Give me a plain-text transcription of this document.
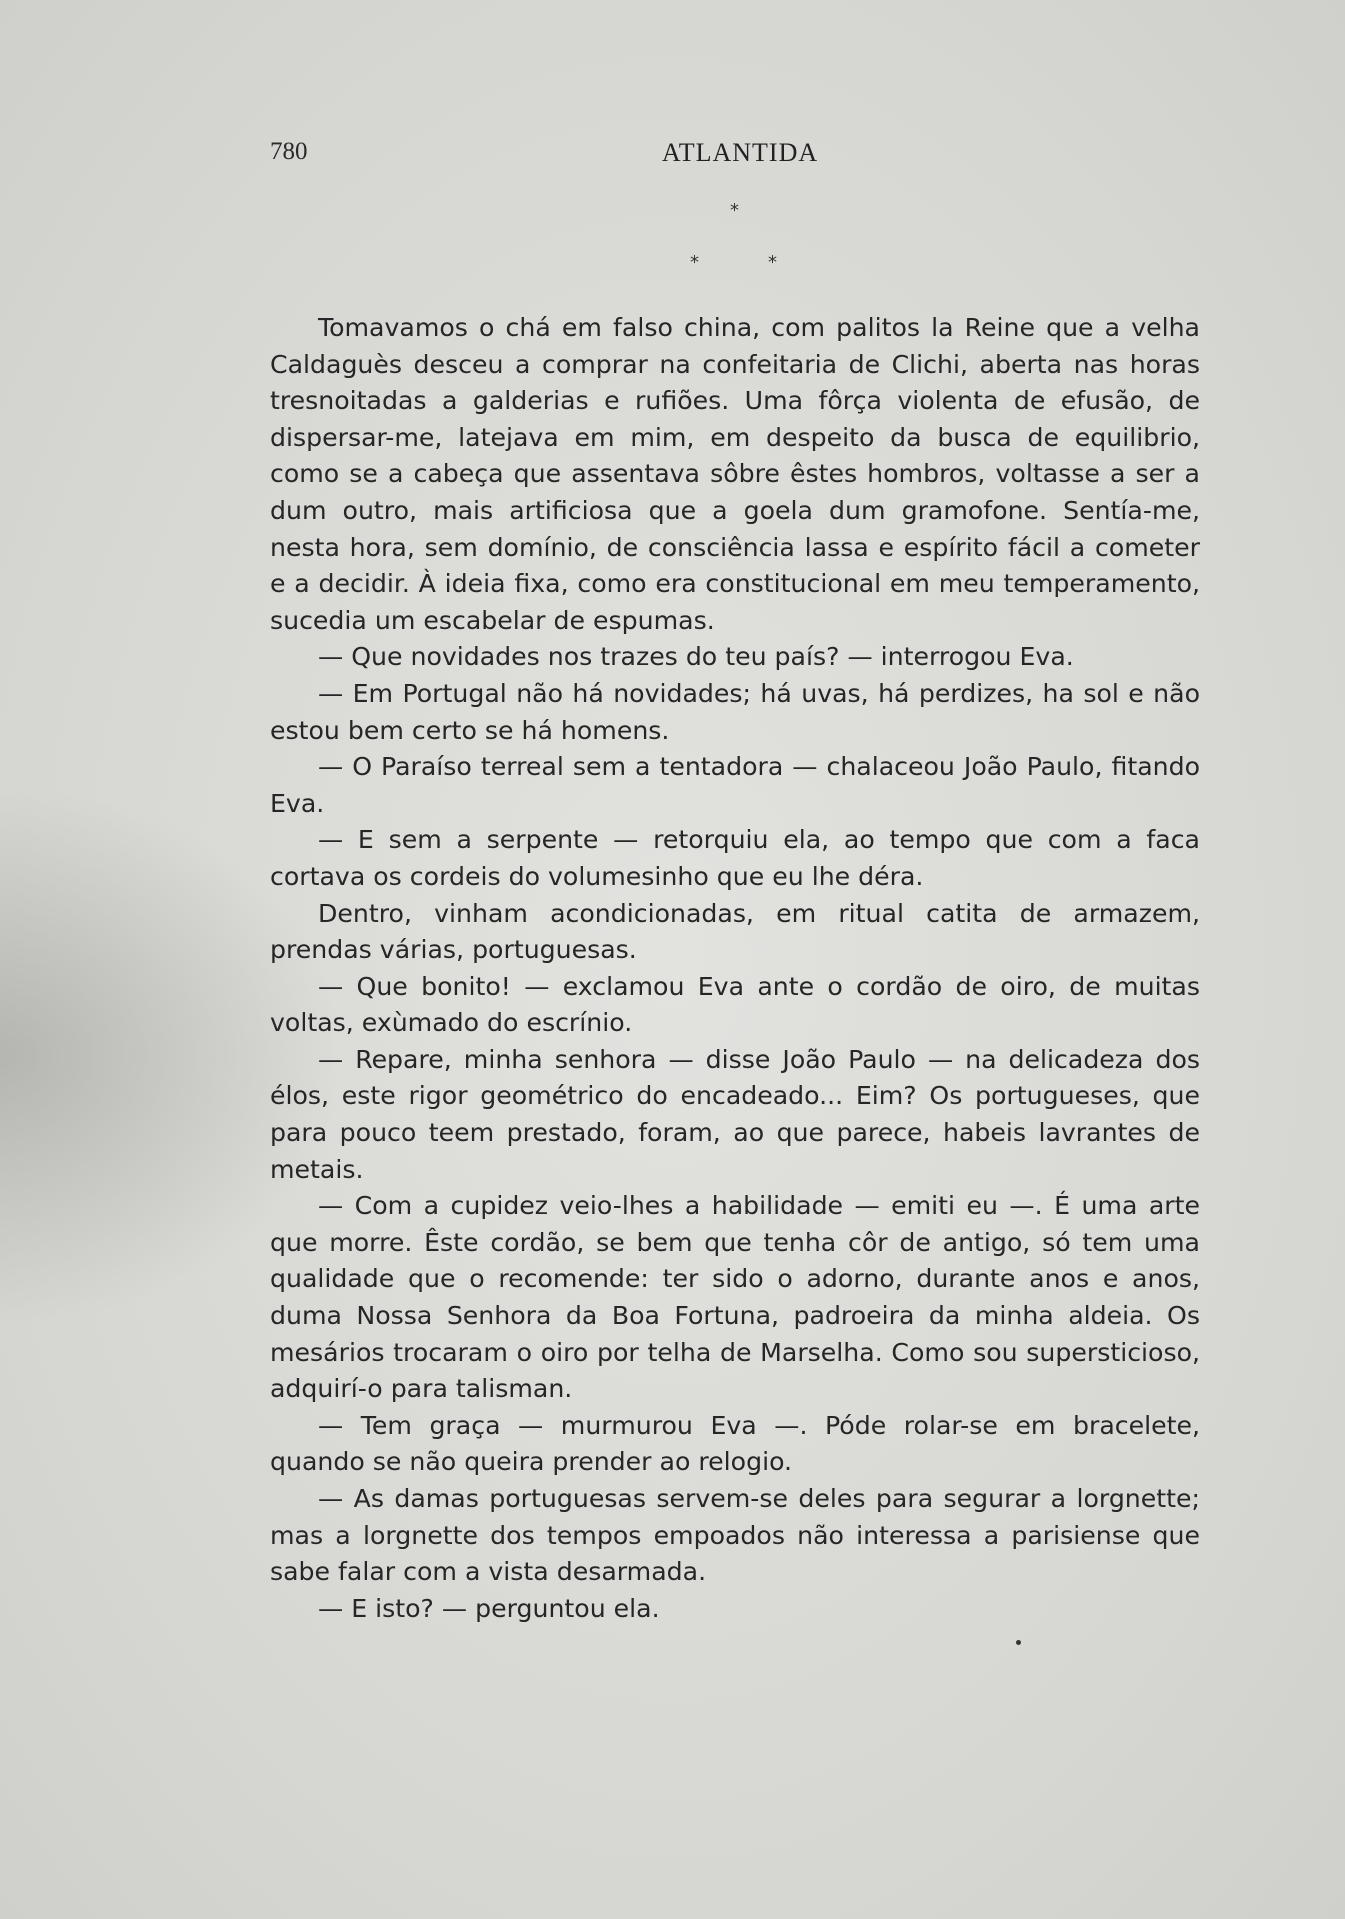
780	ATLANTIDA
*
*	*

Tomavamos o chá em falso china, com palitos la Reine que a velha Caldaguès desceu a comprar na confeitaria de Clichi, aberta nas horas tresnoitadas a galderias e rufiões. Uma fôrça violenta de efusão, de dispersar-me, latejava em mim, em despeito da busca de equilibrio, como se a cabeça que assentava sôbre êstes hombros, voltasse a ser a dum outro, mais artificiosa que a goela dum gramofone. Sentía-me, nesta hora, sem domínio, de consciência lassa e espírito fácil a cometer e a decidir. À ideia fixa, como era constitucional em meu temperamento, sucedia um escabelar de espumas.

— Que novidades nos trazes do teu país? — interrogou Eva.

— Em Portugal não há novidades; há uvas, há perdizes, ha sol e não estou bem certo se há homens.

— O Paraíso terreal sem a tentadora — chalaceou João Paulo, fitando Eva.

— E sem a serpente — retorquiu ela, ao tempo que com a faca cortava os cordeis do volumesinho que eu lhe déra.

Dentro, vinham acondicionadas, em ritual catita de armazem, prendas várias, portuguesas.

— Que bonito! — exclamou Eva ante o cordão de oiro, de muitas voltas, exùmado do escrínio.

— Repare, minha senhora — disse João Paulo — na delicadeza dos élos, este rigor geométrico do encadeado... Eim? Os portugueses, que para pouco teem prestado, foram, ao que parece, habeis lavrantes de metais.

— Com a cupidez veio-lhes a habilidade — emiti eu —. É uma arte que morre. Êste cordão, se bem que tenha côr de antigo, só tem uma qualidade que o recomende: ter sido o adorno, durante anos e anos, duma Nossa Senhora da Boa Fortuna, padroeira da minha aldeia. Os mesários trocaram o oiro por telha de Marselha. Como sou supersticioso, adquirí-o para talisman.

— Tem graça — murmurou Eva —. Póde rolar-se em bracelete, quando se não queira prender ao relogio.

— As damas portuguesas servem-se deles para segurar a lorgnette; mas a lorgnette dos tempos empoados não interessa a parisiense que sabe falar com a vista desarmada.

— E isto? — perguntou ela.
